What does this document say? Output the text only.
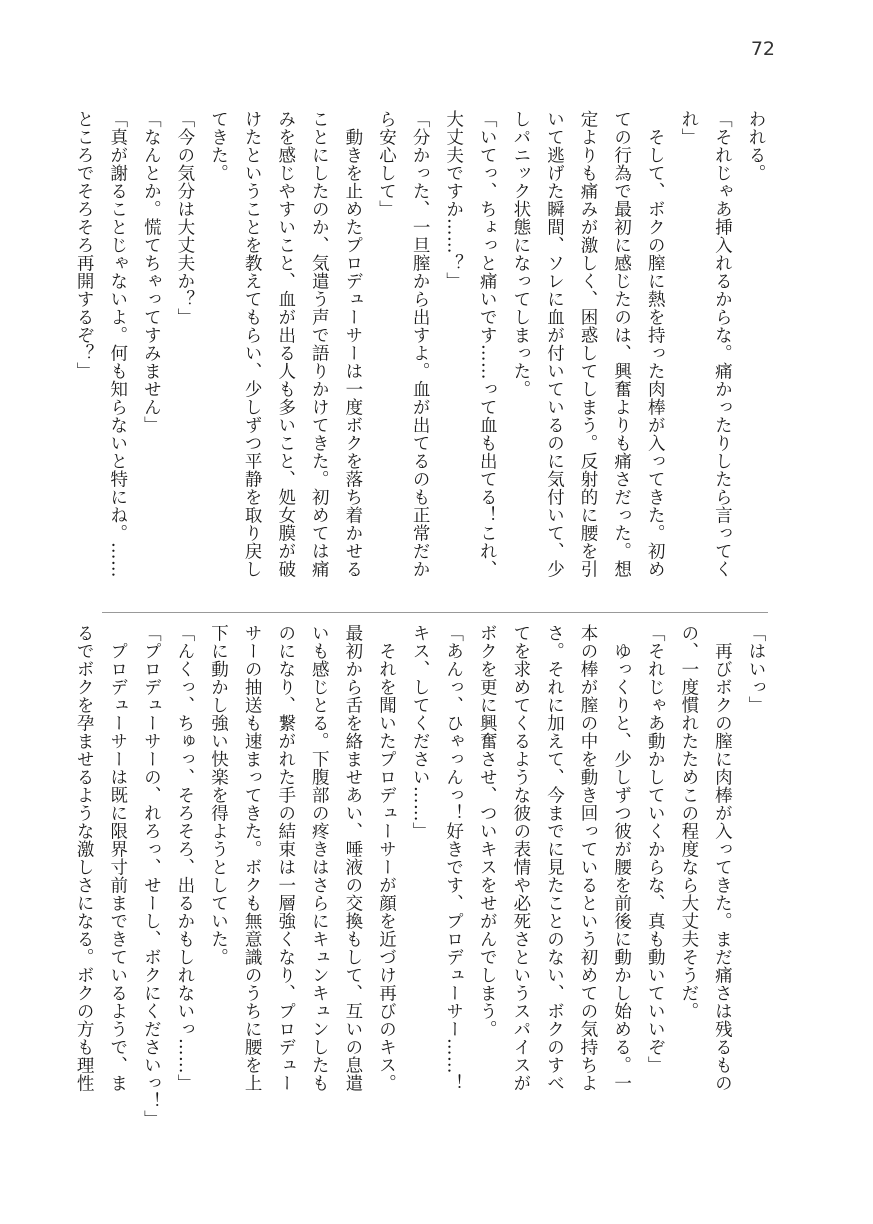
72
われる。
「それじゃあ挿入れるからな。痛かったりしたら言ってく
れ」
　そして、ボクの膣に熱を持った肉棒が入ってきた。初め
ての行為で最初に感じたのは、興奮よりも痛さだった。想
定よりも痛みが激しく、困惑してしまう。反射的に腰を引
いて逃げた瞬間、ソレに血が付いているのに気付いて、少
しパニック状態になってしまった。
「いてっ、ちょっと痛いです……って血も出てる！これ、
大丈夫ですか……？」
「分かった、一旦膣から出すよ。血が出てるのも正常だか
ら安心して」
　動きを止めたプロデューサーは一度ボクを落ち着かせる
ことにしたのか、気遣う声で語りかけてきた。初めては痛
みを感じやすいこと、血が出る人も多いこと、処女膜が破
けたということを教えてもらい、少しずつ平静を取り戻し
てきた。
「今の気分は大丈夫か？」
「なんとか。慌てちゃってすみません」
「真が謝ることじゃないよ。何も知らないと特にね。……
ところでそろそろ再開するぞ？」
「はいっ」
　再びボクの膣に肉棒が入ってきた。まだ痛さは残るもの
の、一度慣れたためこの程度なら大丈夫そうだ。
「それじゃあ動かしていくからな、真も動いていいぞ」
　ゆっくりと、少しずつ彼が腰を前後に動かし始める。一
本の棒が膣の中を動き回っているという初めての気持ちよ
さ。それに加えて、今までに見たことのない、ボクのすべ
てを求めてくるような彼の表情や必死さというスパイスが
ボクを更に興奮させ、ついキスをせがんでしまう。
「あんっ、ひゃっんっ！好きです、プロデューサー……！
キス、してください……」
　それを聞いたプロデューサーが顔を近づけ再びのキス。
最初から舌を絡ませあい、唾液の交換もして、互いの息遣
いも感じとる。下腹部の疼きはさらにキュンキュンしたも
のになり、繋がれた手の結束は一層強くなり、プロデュー
サーの抽送も速まってきた。ボクも無意識のうちに腰を上
下に動かし強い快楽を得ようとしていた。
「んくっ、ちゅっ、そろそろ、出るかもしれないっ……」
「プロデューサーの、れろっ、せーし、ボクにくださいっ！」
　プロデューサーは既に限界寸前まできているようで、ま
るでボクを孕ませるような激しさになる。ボクの方も理性
